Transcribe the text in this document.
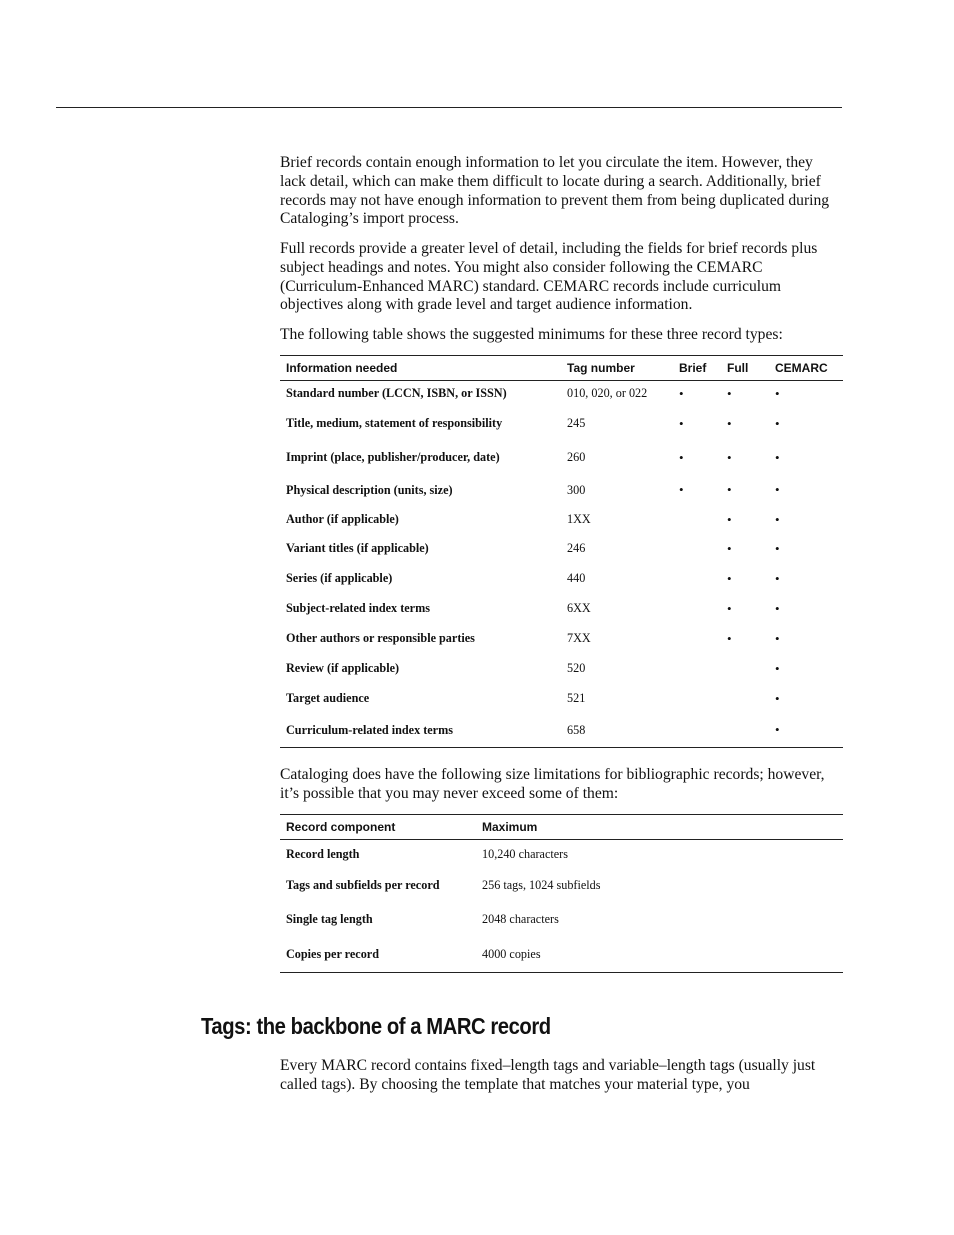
Brief records contain enough information to let you circulate the item. However, they lack detail, which can make them difficult to locate during a search. Additionally, brief records may not have enough information to prevent them from being duplicated during Cataloging’s import process.

Full records provide a greater level of detail, including the fields for brief records plus subject headings and notes. You might also consider following the CEMARC (Curriculum-Enhanced MARC) standard. CEMARC records include curriculum objectives along with grade level and target audience information.

The following table shows the suggested minimums for these three record types:

Information needed	Tag number	Brief	Full	CEMARC
Standard number (LCCN, ISBN, or ISSN)	010, 020, or 022	•	•	•
Title, medium, statement of responsibility	245	•	•	•
Imprint (place, publisher/producer, date)	260	•	•	•
Physical description (units, size)	300	•	•	•
Author (if applicable)	1XX		•	•
Variant titles (if applicable)	246		•	•
Series (if applicable)	440		•	•
Subject-related index terms	6XX		•	•
Other authors or responsible parties	7XX		•	•
Review (if applicable)	520			•
Target audience	521			•
Curriculum-related index terms	658			•

Cataloging does have the following size limitations for bibliographic records; however, it’s possible that you may never exceed some of them:

Record component	Maximum
Record length	10,240 characters
Tags and subfields per record	256 tags, 1024 subfields
Single tag length	2048 characters
Copies per record	4000 copies
Tags: the backbone of a MARC record

Every MARC record contains fixed–length tags and variable–length tags (usually just called tags). By choosing the template that matches your material type, you
